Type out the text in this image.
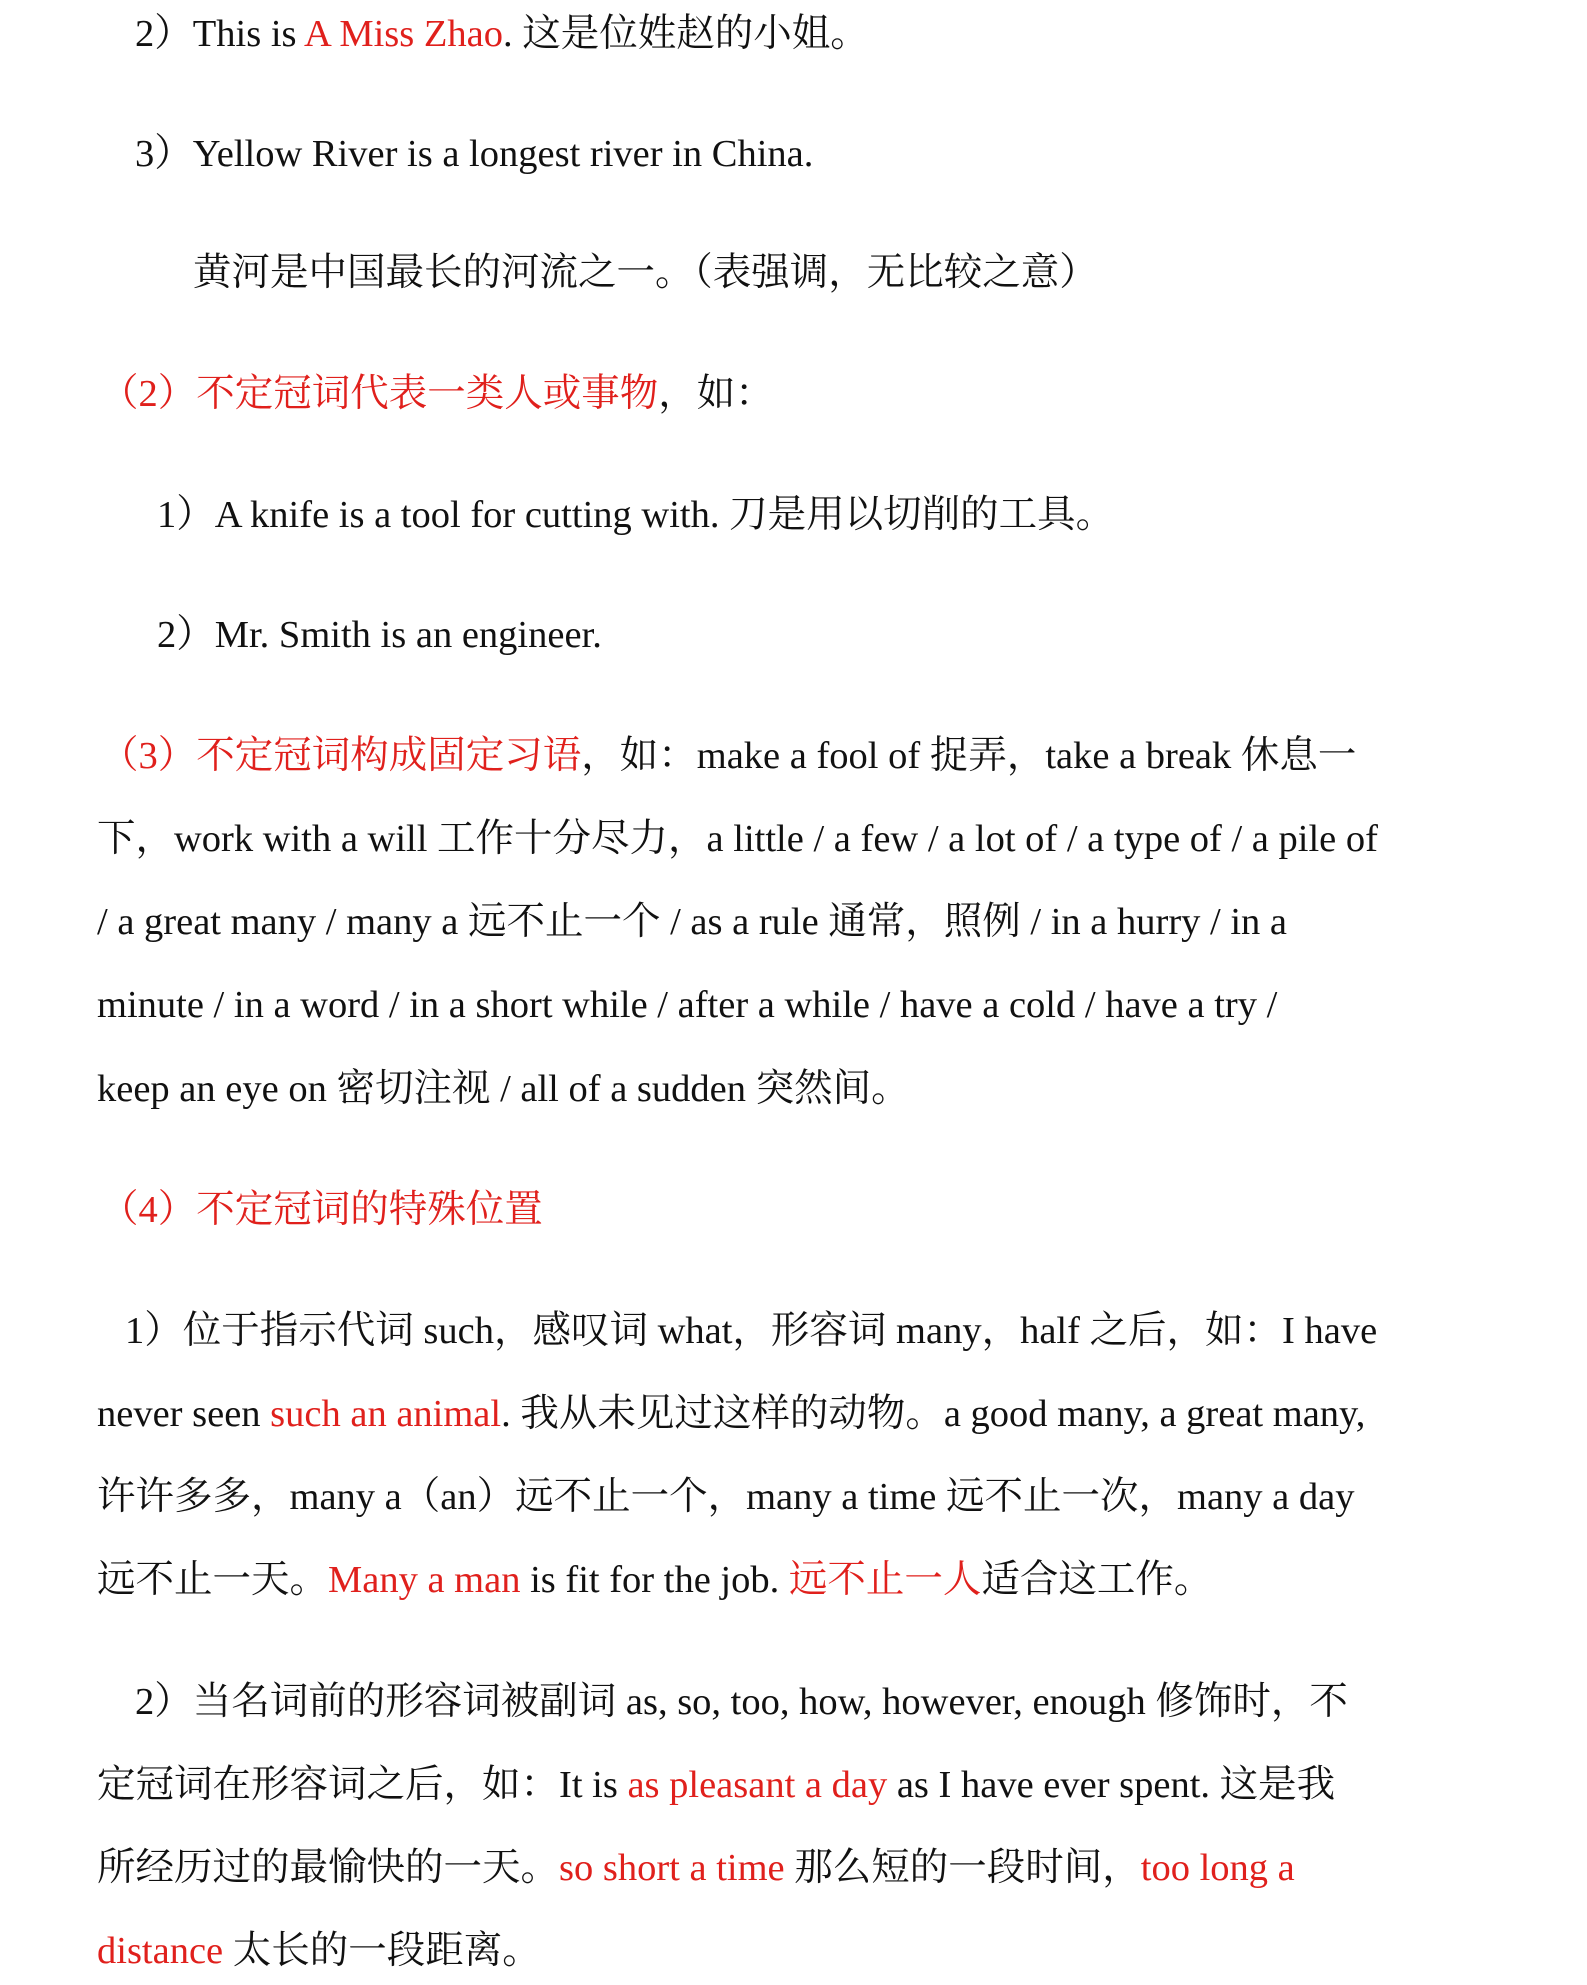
2）This is A Miss Zhao. 这是位姓赵的小姐。
3）Yellow River is a longest river in China.
黄河是中国最长的河流之一。（表强调，无比较之意）
（2）不定冠词代表一类人或事物，如：
1）A knife is a tool for cutting with. 刀是用以切削的工具。
2）Mr. Smith is an engineer.
（3）不定冠词构成固定习语，如：make a fool of 捉弄，take a break 休息一
下，work with a will 工作十分尽力，a little / a few / a lot of / a type of / a pile of
/ a great many / many a 远不止一个 / as a rule 通常，照例 / in a hurry / in a
minute / in a word / in a short while / after a while / have a cold / have a try /
keep an eye on 密切注视 / all of a sudden 突然间。
（4）不定冠词的特殊位置
1）位于指示代词 such，感叹词 what，形容词 many，half 之后，如：I have
never seen such an animal. 我从未见过这样的动物。a good many, a great many,
许许多多，many a（an）远不止一个，many a time 远不止一次，many a day
远不止一天。Many a man is fit for the job. 远不止一人适合这工作。
2）当名词前的形容词被副词 as, so, too, how, however, enough 修饰时，不
定冠词在形容词之后，如：It is as pleasant a day as I have ever spent. 这是我
所经历过的最愉快的一天。so short a time 那么短的一段时间，too long a
distance 太长的一段距离。
